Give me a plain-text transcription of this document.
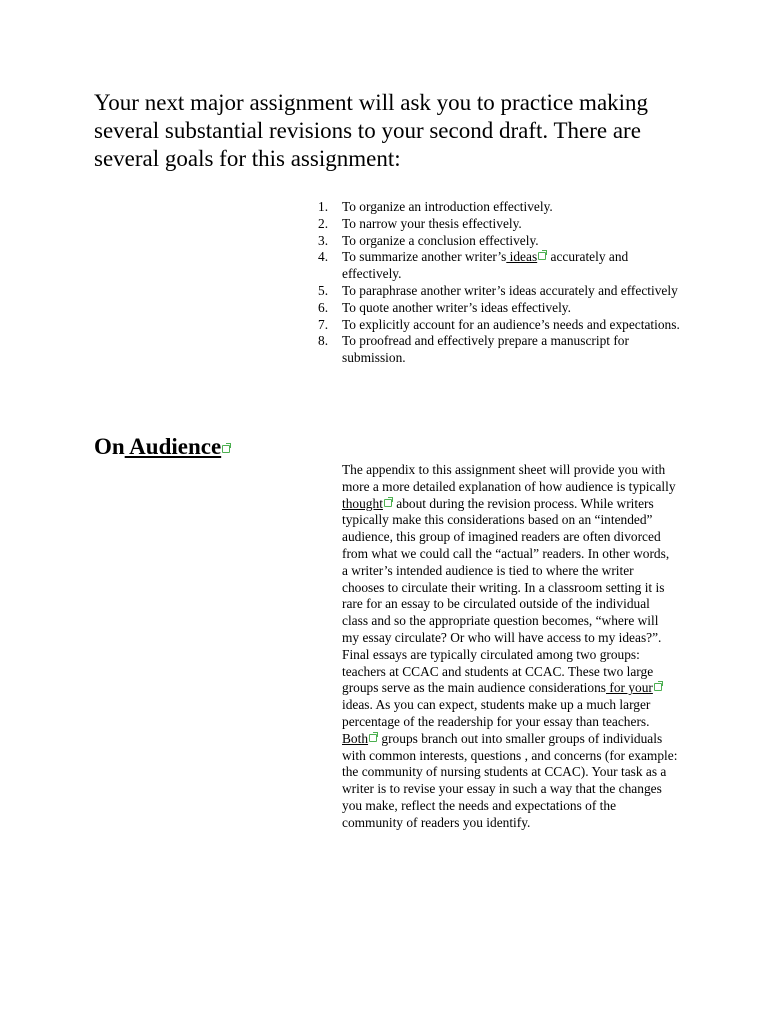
Your next major assignment will ask you to practice making several substantial revisions to your second draft. There are several goals for this assignment:

1.	To organize an introduction effectively.
2.	To narrow your thesis effectively.
3.	To organize a conclusion effectively.
4.	To summarize another writer’s ideas accurately and effectively.
5.	To paraphrase another writer’s ideas accurately and effectively
6.	To quote another writer’s ideas effectively.
7.	To explicitly account for an audience’s needs and expectations.
8.	To proofread and effectively prepare a manuscript for submission.
On Audience

The appendix to this assignment sheet will provide you with more a more detailed explanation of how audience is typically thought about during the revision process. While writers typically make this considerations based on an “intended” audience, this group of imagined readers are often divorced from what we could call the “actual” readers. In other words, a writer’s intended audience is tied to where the writer chooses to circulate their writing. In a classroom setting it is rare for an essay to be circulated outside of the individual class and so the appropriate question becomes, “where will my essay circulate? Or who will have access to my ideas?”. Final essays are typically circulated among two groups: teachers at CCAC and students at CCAC. These two large groups serve as the main audience considerations for your ideas. As you can expect, students make up a much larger percentage of the readership for your essay than teachers. Both groups branch out into smaller groups of individuals with common interests, questions , and concerns (for example: the community of nursing students at CCAC). Your task as a writer is to revise your essay in such a way that the changes you make, reflect the needs and expectations of the community of readers you identify.
